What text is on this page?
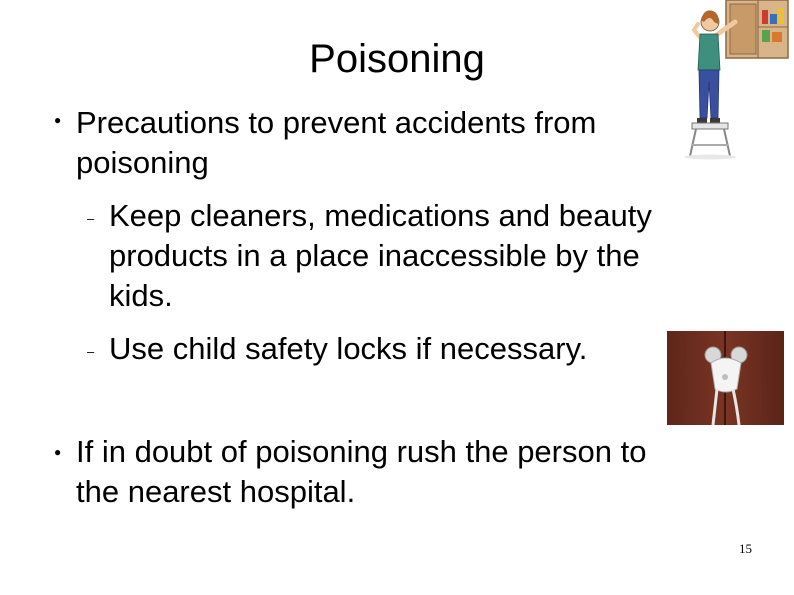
Poisoning
● Precautions to prevent accidents from
poisoning
– Keep cleaners, medications and beauty
products in a place inaccessible by the
kids.
– Use child safety locks if necessary.
● If in doubt of poisoning rush the person to
the nearest hospital.
15
